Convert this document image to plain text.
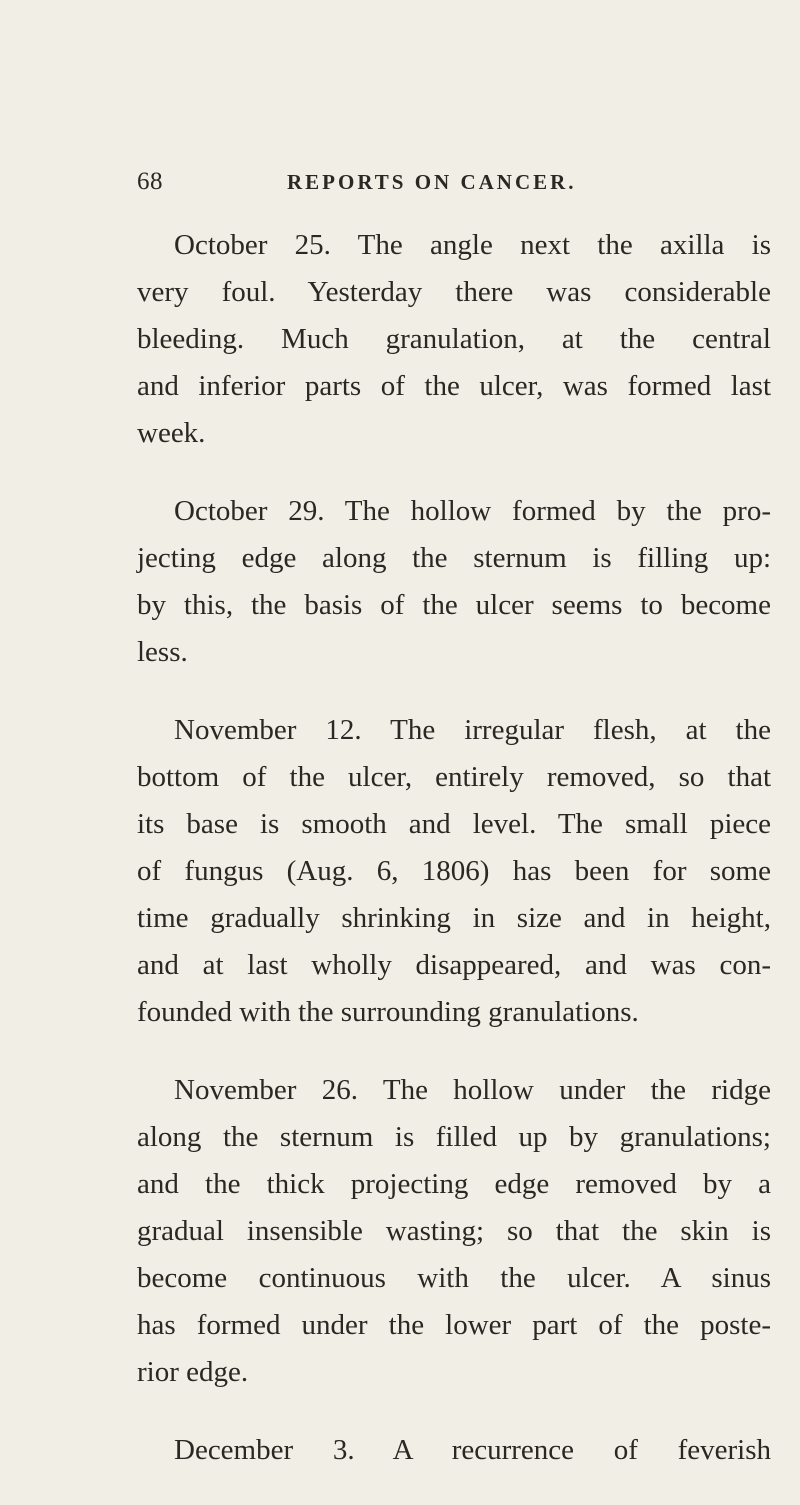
68	REPORTS ON CANCER.
October 25. The angle next the axilla is
very foul. Yesterday there was considerable
bleeding. Much granulation, at the central
and inferior parts of the ulcer, was formed last
week.
October 29. The hollow formed by the pro-
jecting edge along the sternum is filling up:
by this, the basis of the ulcer seems to become
less.
November 12. The irregular flesh, at the
bottom of the ulcer, entirely removed, so that
its base is smooth and level. The small piece
of fungus (Aug. 6, 1806) has been for some
time gradually shrinking in size and in height,
and at last wholly disappeared, and was con-
founded with the surrounding granulations.
November 26. The hollow under the ridge
along the sternum is filled up by granulations;
and the thick projecting edge removed by a
gradual insensible wasting; so that the skin is
become continuous with the ulcer. A sinus
has formed under the lower part of the poste-
rior edge.
December 3. A recurrence of feverish
